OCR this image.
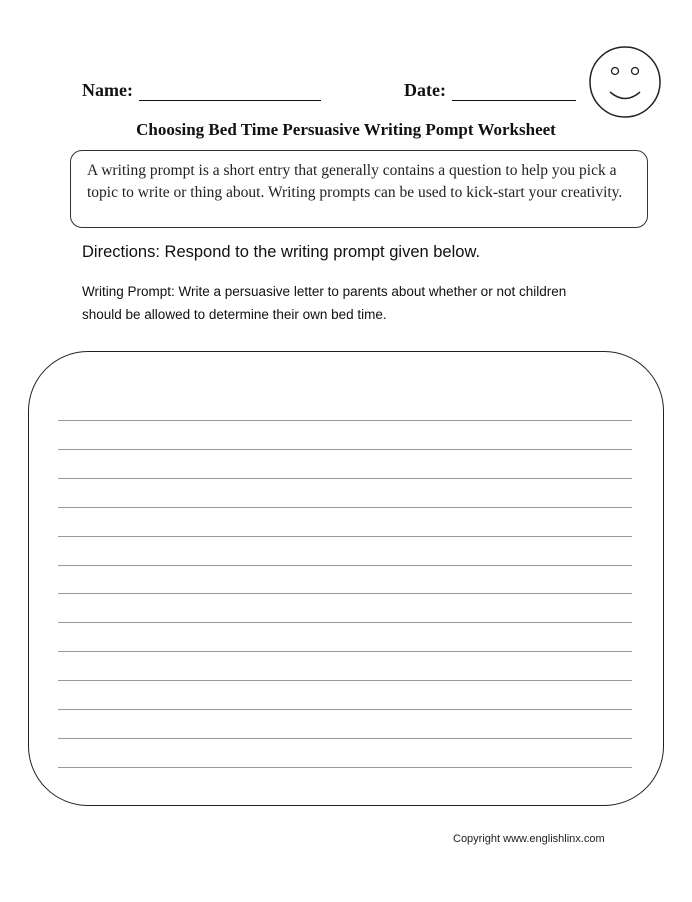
Name:	Date:
Choosing Bed Time Persuasive Writing Pompt Worksheet
A writing prompt is a short entry that generally contains a question to help you pick a topic to write or thing about. Writing prompts can be used to kick-start your creativity.
Directions: Respond to the writing prompt given below.
Writing Prompt: Write a persuasive letter to parents about whether or not children should be allowed to determine their own bed time.
Copyright www.englishlinx.com
